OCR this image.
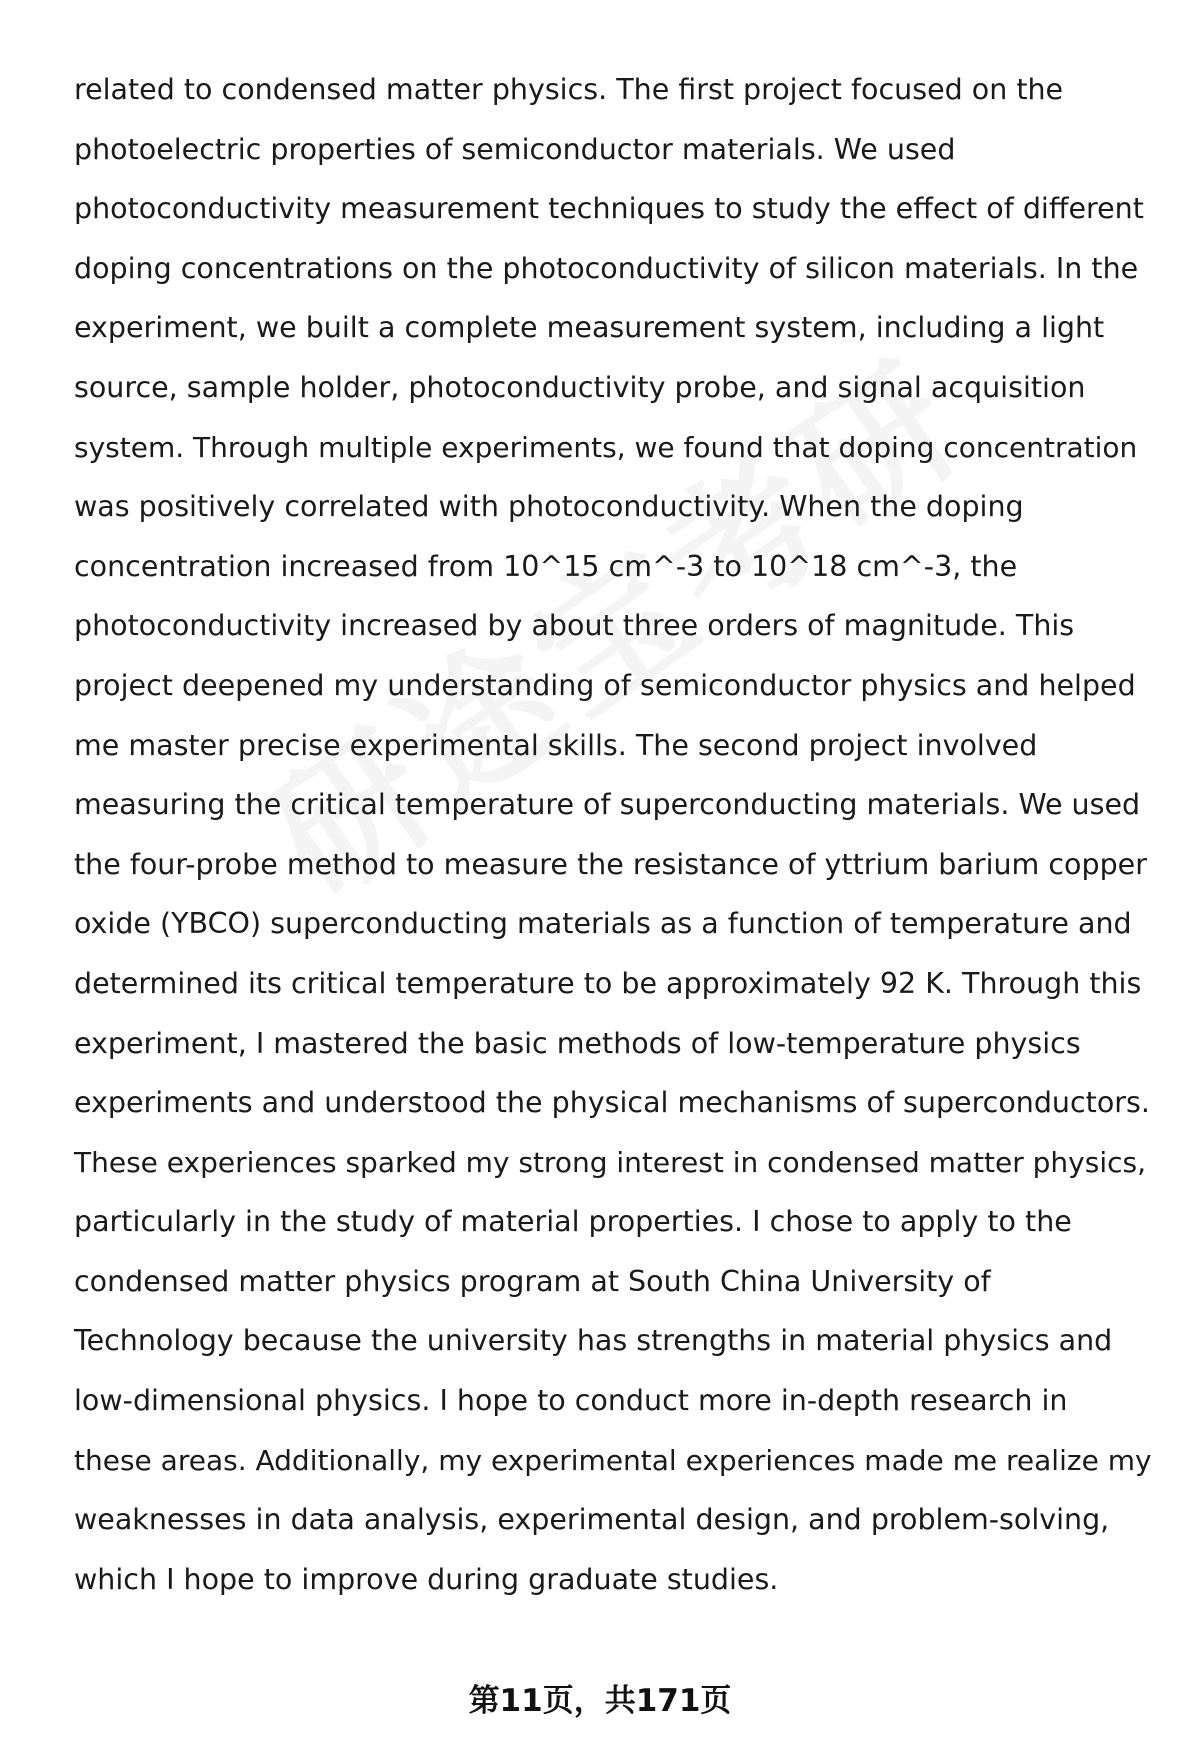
related to condensed matter physics. The first project focused on the
photoelectric properties of semiconductor materials. We used
photoconductivity measurement techniques to study the effect of different
doping concentrations on the photoconductivity of silicon materials. In the
experiment, we built a complete measurement system, including a light
source, sample holder, photoconductivity probe, and signal acquisition
system. Through multiple experiments, we found that doping concentration
was positively correlated with photoconductivity. When the doping
concentration increased from 10^15 cm^-3 to 10^18 cm^-3, the
photoconductivity increased by about three orders of magnitude. This
project deepened my understanding of semiconductor physics and helped
me master precise experimental skills. The second project involved
measuring the critical temperature of superconducting materials. We used
the four-probe method to measure the resistance of yttrium barium copper
oxide (YBCO) superconducting materials as a function of temperature and
determined its critical temperature to be approximately 92 K. Through this
experiment, I mastered the basic methods of low-temperature physics
experiments and understood the physical mechanisms of superconductors.
These experiences sparked my strong interest in condensed matter physics,
particularly in the study of material properties. I chose to apply to the
condensed matter physics program at South China University of
Technology because the university has strengths in material physics and
low-dimensional physics. I hope to conduct more in-depth research in
these areas. Additionally, my experimental experiences made me realize my
weaknesses in data analysis, experimental design, and problem-solving,
which I hope to improve during graduate studies.
第11页，共171页
